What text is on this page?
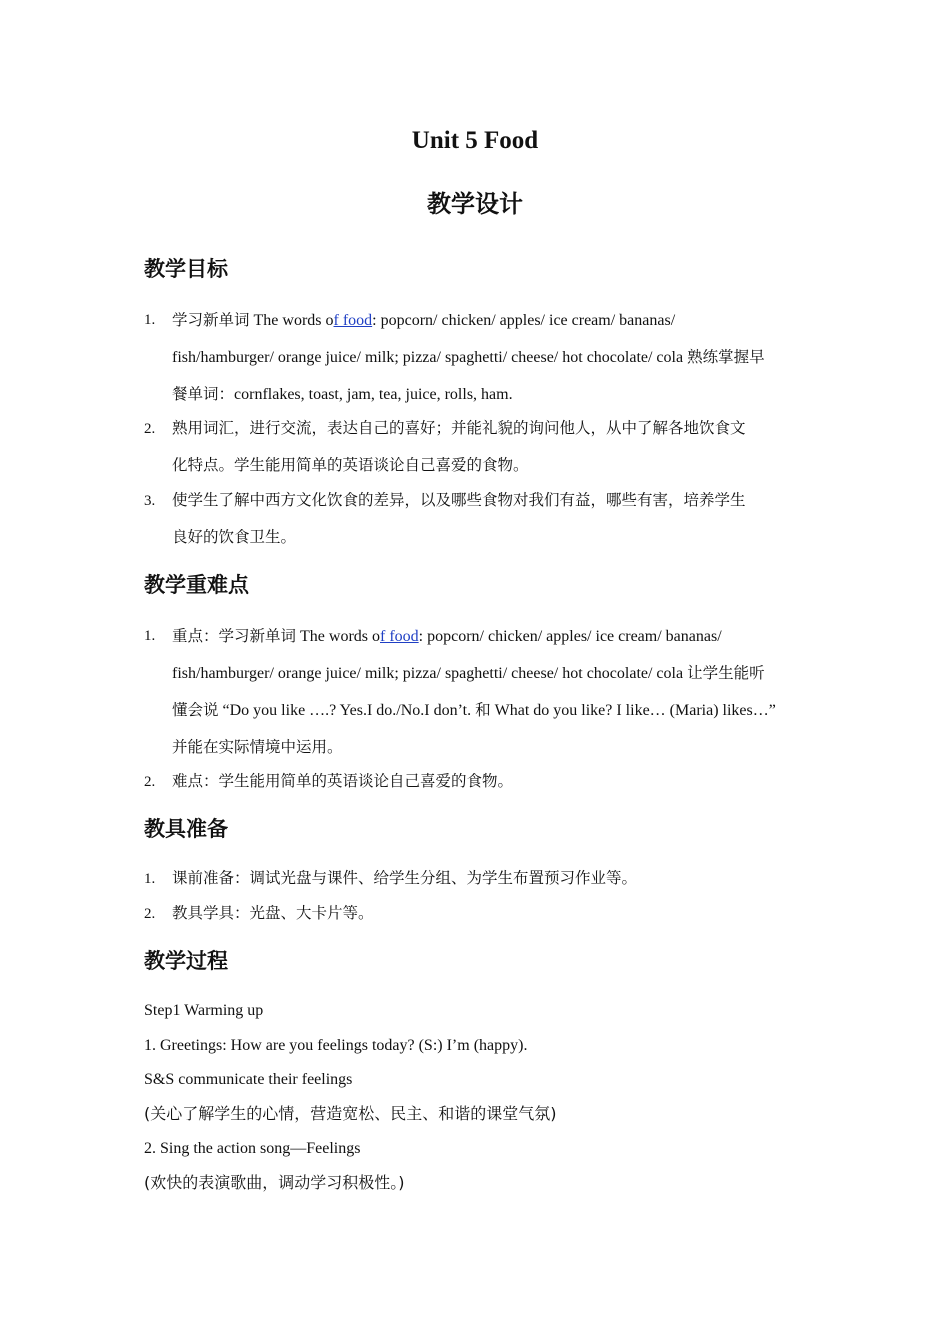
Unit 5 Food
教学设计
教学目标
1. 学习新单词 The words of food: popcorn/ chicken/ apples/ ice cream/ bananas/
fish/hamburger/ orange juice/ milk; pizza/ spaghetti/ cheese/ hot chocolate/ cola 熟练掌握早
餐单词：cornflakes, toast, jam, tea, juice, rolls, ham.
2. 熟用词汇，进行交流，表达自己的喜好；并能礼貌的询问他人，从中了解各地饮食文
化特点。学生能用简单的英语谈论自己喜爱的食物。
3. 使学生了解中西方文化饮食的差异，以及哪些食物对我们有益，哪些有害，培养学生
良好的饮食卫生。
教学重难点
1. 重点：学习新单词 The words of food: popcorn/ chicken/ apples/ ice cream/ bananas/
fish/hamburger/ orange juice/ milk; pizza/ spaghetti/ cheese/ hot chocolate/ cola 让学生能听
懂会说 “Do you like ….? Yes.I do./No.I don’t. 和 What do you like? I like… (Maria) likes…”
并能在实际情境中运用。
2. 难点：学生能用简单的英语谈论自己喜爱的食物。
教具准备
1. 课前准备：调试光盘与课件、给学生分组、为学生布置预习作业等。
2. 教具学具：光盘、大卡片等。
教学过程
Step1 Warming up
1. Greetings: How are you feelings today? (S:) I’m (happy).
S&S communicate their feelings
(关心了解学生的心情，营造宽松、民主、和谐的课堂气氛)
2. Sing the action song—Feelings
(欢快的表演歌曲，调动学习积极性。)
